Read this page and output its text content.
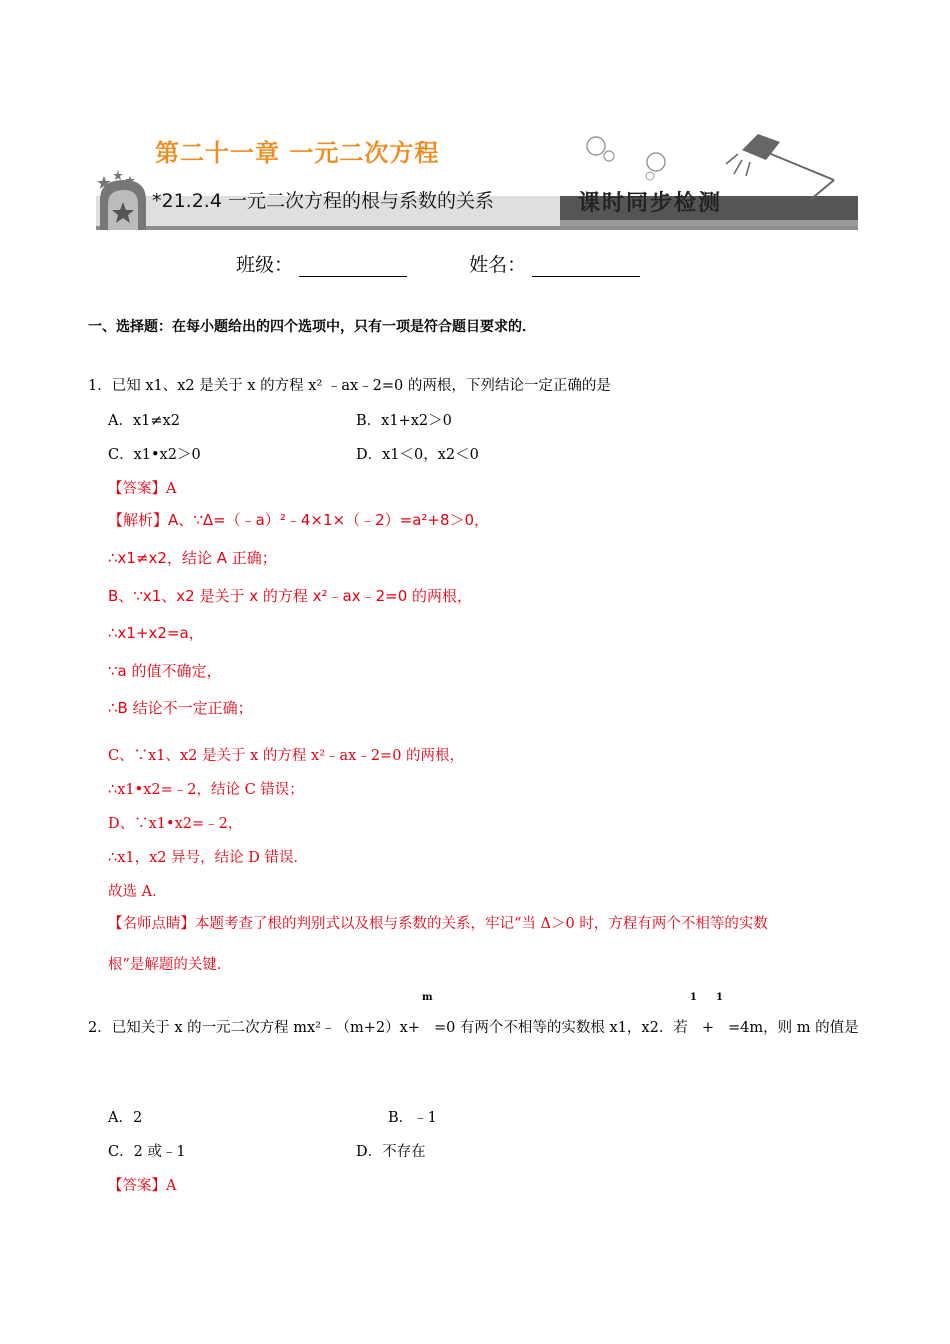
第二十一章 一元二次方程
*21.2.4 一元二次方程的根与系数的关系	课时同步检测
班级：	姓名：
一、选择题：在每小题给出的四个选项中，只有一项是符合题目要求的．
1．已知 x1、x2 是关于 x 的方程 x² ﹣ax﹣2=0 的两根，下列结论一定正确的是
A．x1≠x2	B．x1+x2＞0
C．x1•x2＞0	D．x1＜0，x2＜0
【答案】A
【解析】A、∵Δ=（﹣a）²﹣4×1×（﹣2）=a²+8＞0，
∴x1≠x2，结论 A 正确；
B、∵x1、x2 是关于 x 的方程 x²﹣ax﹣2=0 的两根，
∴x1+x2=a，
∵a 的值不确定，
∴B 结论不一定正确；
C、∵x1、x2 是关于 x 的方程 x²﹣ax﹣2=0 的两根，
∴x1•x2=﹣2，结论 C 错误；
D、∵x1•x2=﹣2，
∴x1，x2 异号，结论 D 错误．
故选 A．
【名师点睛】本题考查了根的判别式以及根与系数的关系，牢记“当 Δ＞0 时，方程有两个不相等的实数
根”是解题的关键．
2．已知关于 x 的一元二次方程 mx²﹣（m+2）x+
m
=0 有两个不相等的实数根 x1，x2．若
1
+
1
=4m，则 m 的值是
A．2	B．﹣1
C．2 或﹣1	D．不存在
【答案】A
